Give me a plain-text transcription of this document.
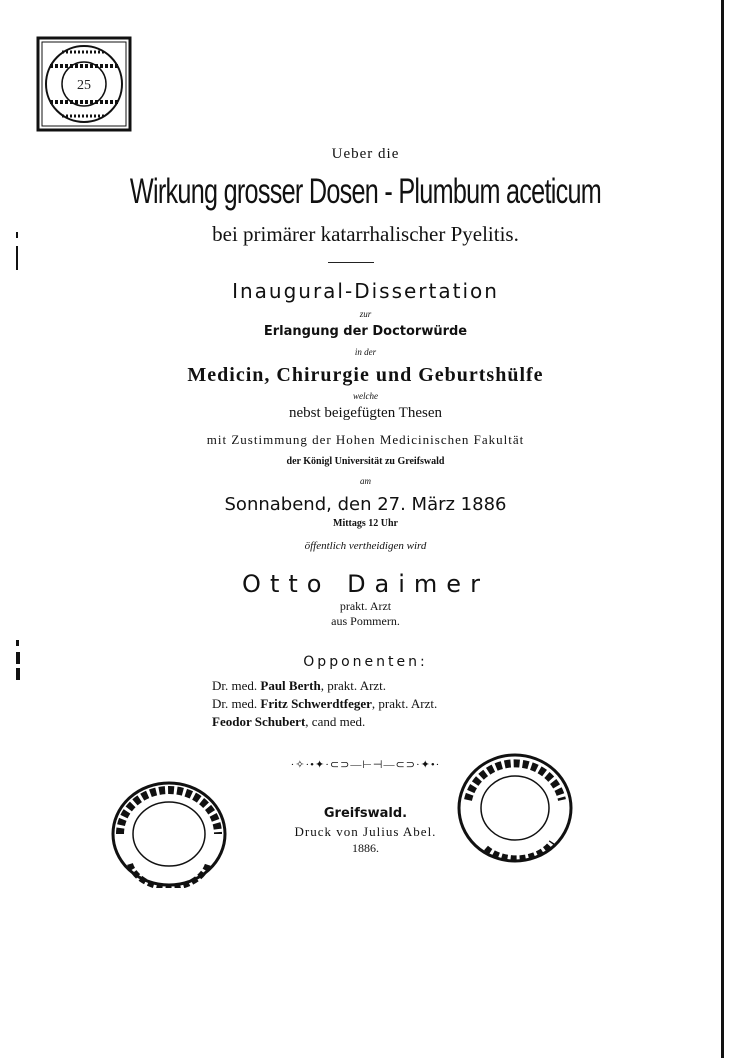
25
Ueber die
Wirkung grosser Dosen - Plumbum aceticum
bei primärer katarrhalischer Pyelitis.
Inaugural-Dissertation
zur
Erlangung der Doctorwürde
in der
Medicin, Chirurgie und Geburtshülfe
welche
nebst beigefügten Thesen
mit Zustimmung der Hohen Medicinischen Fakultät
der Königl Universität zu Greifswald
am
Sonnabend, den 27. März 1886
Mittags 12 Uhr
öffentlich vertheidigen wird
Otto Daimer
prakt. Arzt
aus Pommern.
Opponenten:
Dr. med. Paul Berth, prakt. Arzt.
Dr. med. Fritz Schwerdtfeger, prakt. Arzt.
Feodor Schubert, cand med.
·✧·•✦·⊂⊃—⊢⊣—⊂⊃·✦•·
Greifswald.
Druck von Julius Abel.
1886.
